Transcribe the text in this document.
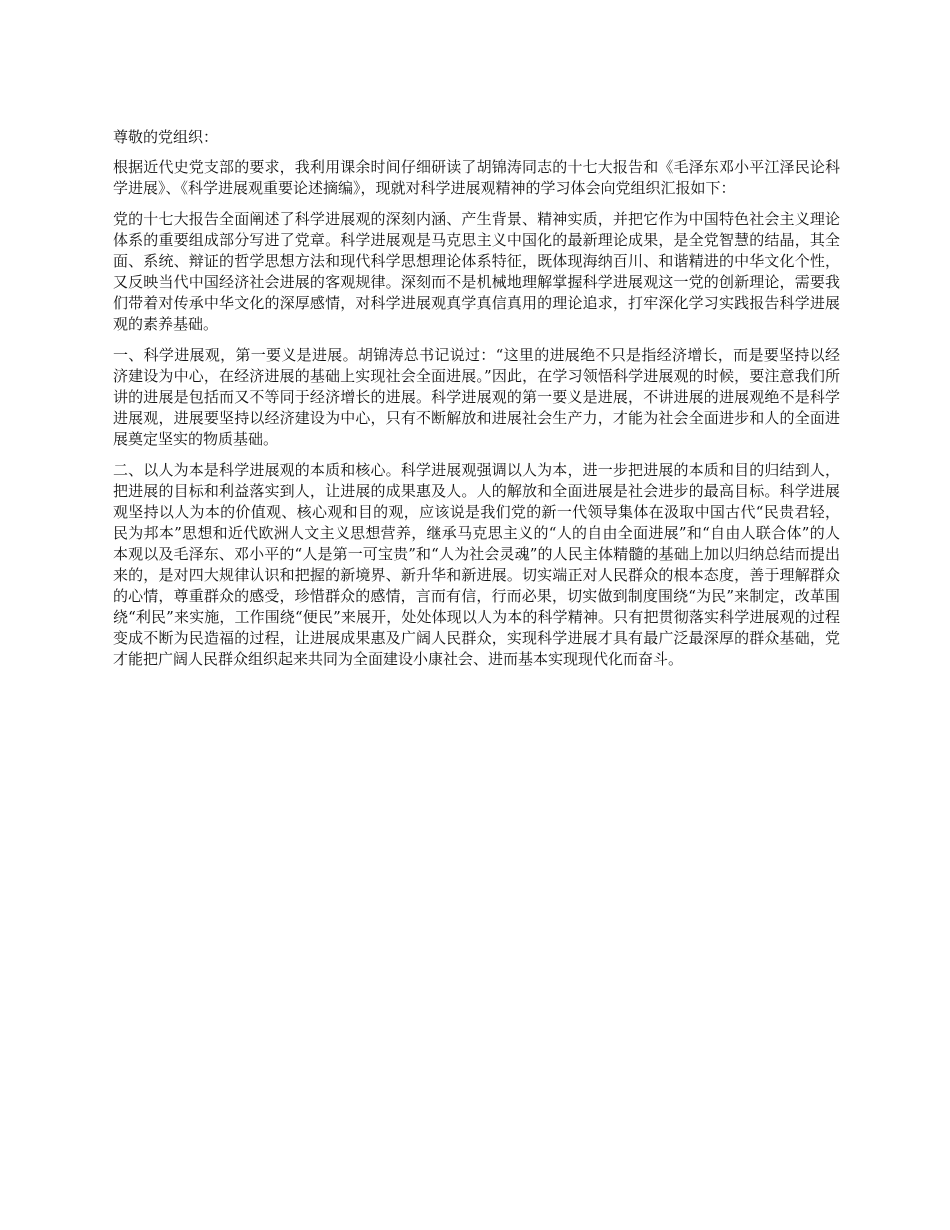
尊敬的党组织：

根据近代史党支部的要求，我利用课余时间仔细研读了胡锦涛同志的十七大报告和《毛泽东邓小平江泽民论科学进展》、《科学进展观重要论述摘编》，现就对科学进展观精神的学习体会向党组织汇报如下：

党的十七大报告全面阐述了科学进展观的深刻内涵、产生背景、精神实质，并把它作为中国特色社会主义理论体系的重要组成部分写进了党章。科学进展观是马克思主义中国化的最新理论成果，是全党智慧的结晶，其全面、系统、辩证的哲学思想方法和现代科学思想理论体系特征，既体现海纳百川、和谐精进的中华文化个性，又反映当代中国经济社会进展的客观规律。深刻而不是机械地理解掌握科学进展观这一党的创新理论，需要我们带着对传承中华文化的深厚感情，对科学进展观真学真信真用的理论追求，打牢深化学习实践报告科学进展观的素养基础。

一、科学进展观，第一要义是进展。胡锦涛总书记说过：“这里的进展绝不只是指经济增长，而是要坚持以经济建设为中心，在经济进展的基础上实现社会全面进展。”因此，在学习领悟科学进展观的时候，要注意我们所讲的进展是包括而又不等同于经济增长的进展。科学进展观的第一要义是进展，不讲进展的进展观绝不是科学进展观，进展要坚持以经济建设为中心，只有不断解放和进展社会生产力，才能为社会全面进步和人的全面进展奠定坚实的物质基础。

二、以人为本是科学进展观的本质和核心。科学进展观强调以人为本，进一步把进展的本质和目的归结到人，把进展的目标和利益落实到人，让进展的成果惠及人。人的解放和全面进展是社会进步的最高目标。科学进展观坚持以人为本的价值观、核心观和目的观，应该说是我们党的新一代领导集体在汲取中国古代“民贵君轻，民为邦本”思想和近代欧洲人文主义思想营养，继承马克思主义的“人的自由全面进展”和“自由人联合体”的人本观以及毛泽东、邓小平的“人是第一可宝贵”和“人为社会灵魂”的人民主体精髓的基础上加以归纳总结而提出来的，是对四大规律认识和把握的新境界、新升华和新进展。切实端正对人民群众的根本态度，善于理解群众的心情，尊重群众的感受，珍惜群众的感情，言而有信，行而必果，切实做到制度围绕“为民”来制定，改革围绕“利民”来实施，工作围绕“便民”来展开，处处体现以人为本的科学精神。只有把贯彻落实科学进展观的过程变成不断为民造福的过程，让进展成果惠及广阔人民群众，实现科学进展才具有最广泛最深厚的群众基础，党才能把广阔人民群众组织起来共同为全面建设小康社会、进而基本实现现代化而奋斗。
